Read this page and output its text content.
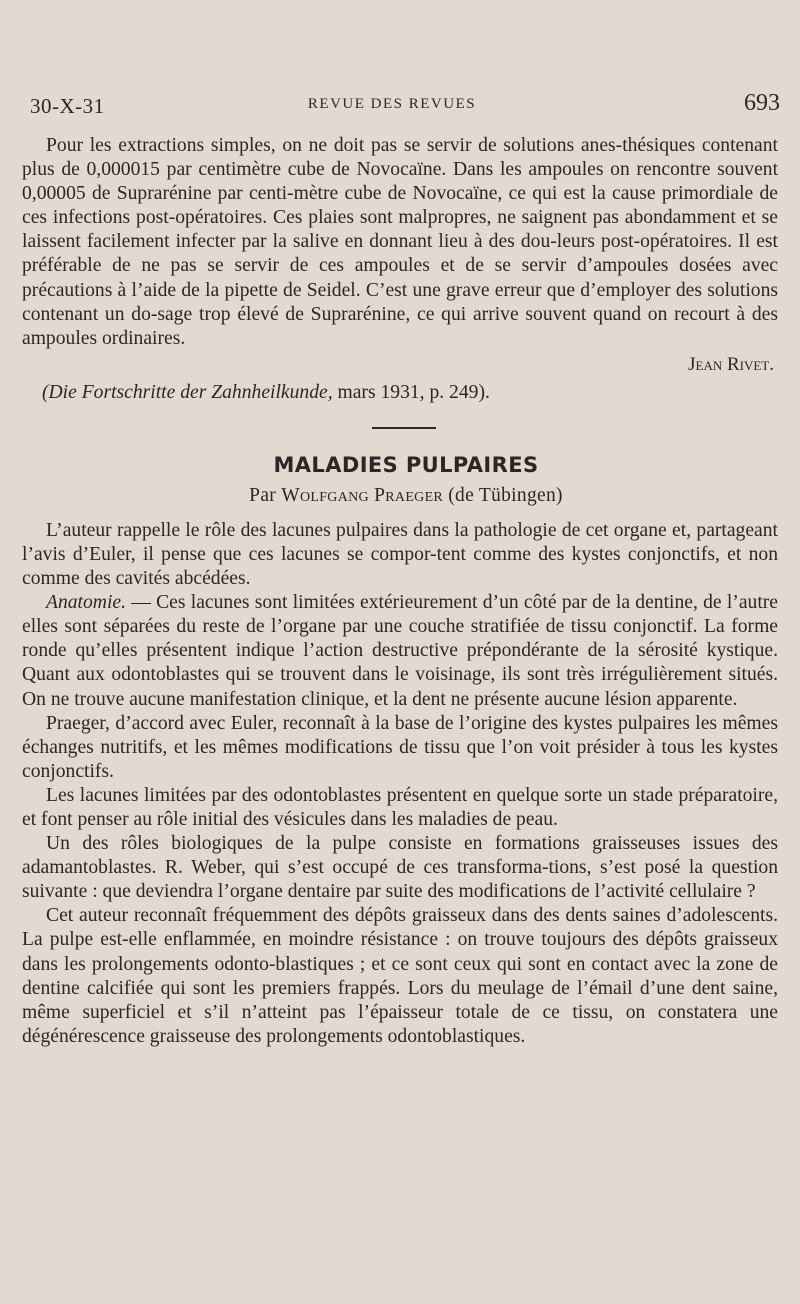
30-X-31	REVUE DES REVUES	693

Pour les extractions simples, on ne doit pas se servir de solutions anes-thésiques contenant plus de 0,000015 par centimètre cube de Novocaïne. Dans les ampoules on rencontre souvent 0,00005 de Suprarénine par centi-mètre cube de Novocaïne, ce qui est la cause primordiale de ces infections post-opératoires. Ces plaies sont malpropres, ne saignent pas abondamment et se laissent facilement infecter par la salive en donnant lieu à des dou-leurs post-opératoires. Il est préférable de ne pas se servir de ces ampoules et de se servir d’ampoules dosées avec précautions à l’aide de la pipette de Seidel. C’est une grave erreur que d’employer des solutions contenant un do-sage trop élevé de Suprarénine, ce qui arrive souvent quand on recourt à des ampoules ordinaires.

Jean Rivet.
(Die Fortschritte der Zahnheilkunde, mars 1931, p. 249).
MALADIES PULPAIRES
Par Wolfgang Praeger (de Tübingen)

L’auteur rappelle le rôle des lacunes pulpaires dans la pathologie de cet organe et, partageant l’avis d’Euler, il pense que ces lacunes se compor-tent comme des kystes conjonctifs, et non comme des cavités abcédées.

Anatomie. — Ces lacunes sont limitées extérieurement d’un côté par de la dentine, de l’autre elles sont séparées du reste de l’organe par une couche stratifiée de tissu conjonctif. La forme ronde qu’elles présentent indique l’action destructive prépondérante de la sérosité kystique. Quant aux odontoblastes qui se trouvent dans le voisinage, ils sont très irrégulièrement situés. On ne trouve aucune manifestation clinique, et la dent ne présente aucune lésion apparente.

Praeger, d’accord avec Euler, reconnaît à la base de l’origine des kystes pulpaires les mêmes échanges nutritifs, et les mêmes modifications de tissu que l’on voit présider à tous les kystes conjonctifs.

Les lacunes limitées par des odontoblastes présentent en quelque sorte un stade préparatoire, et font penser au rôle initial des vésicules dans les maladies de peau.

Un des rôles biologiques de la pulpe consiste en formations graisseuses issues des adamantoblastes. R. Weber, qui s’est occupé de ces transforma-tions, s’est posé la question suivante : que deviendra l’organe dentaire par suite des modifications de l’activité cellulaire ?

Cet auteur reconnaît fréquemment des dépôts graisseux dans des dents saines d’adolescents. La pulpe est-elle enflammée, en moindre résistance : on trouve toujours des dépôts graisseux dans les prolongements odonto-blastiques ; et ce sont ceux qui sont en contact avec la zone de dentine calcifiée qui sont les premiers frappés. Lors du meulage de l’émail d’une dent saine, même superficiel et s’il n’atteint pas l’épaisseur totale de ce tissu, on constatera une dégénérescence graisseuse des prolongements odontoblastiques.
